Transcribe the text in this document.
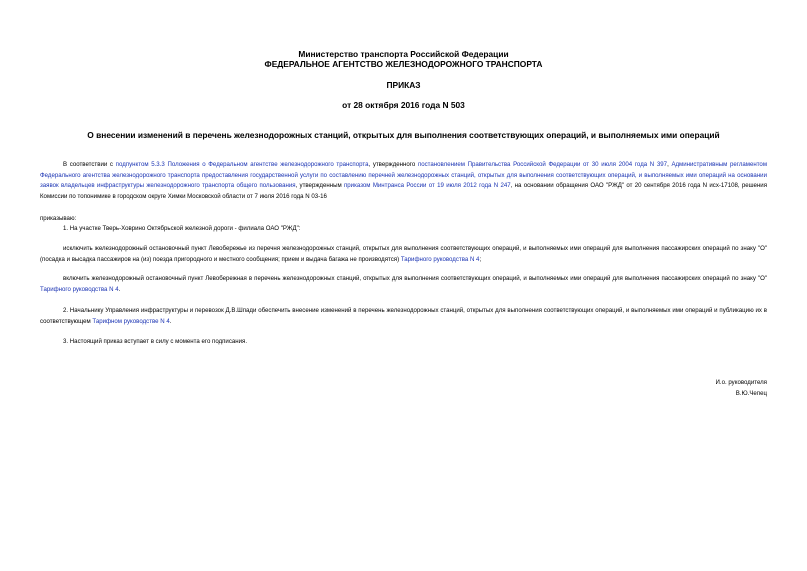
Министерство транспорта Российской Федерации
ФЕДЕРАЛЬНОЕ АГЕНТСТВО ЖЕЛЕЗНОДОРОЖНОГО ТРАНСПОРТА
ПРИКАЗ
от 28 октября 2016 года N 503
О внесении изменений в перечень железнодорожных станций, открытых для выполнения соответствующих операций, и выполняемых ими операций
В соответствии с подпунктом 5.3.3 Положения о Федеральном агентстве железнодорожного транспорта, утвержденного постановлением Правительства Российской Федерации от 30 июля 2004 года N 397, Административным регламентом Федерального агентства железнодорожного транспорта предоставления государственной услуги по составлению перечней железнодорожных станций, открытых для выполнения соответствующих операций, и выполняемых ими операций на основании заявок владельцев инфраструктуры железнодорожного транспорта общего пользования, утвержденным приказом Минтранса России от 19 июля 2012 года N 247, на основании обращения ОАО "РЖД" от 20 сентября 2016 года N исх-17108, решения Комиссии по топонимике в городском округе Химки Московской области от 7 июля 2016 года N 03-16
приказываю:
1. На участке Тверь-Ховрино Октябрьской железной дороги - филиала ОАО "РЖД":
исключить железнодорожный остановочный пункт Левобережье из перечня железнодорожных станций, открытых для выполнения соответствующих операций, и выполняемых ими операций для выполнения пассажирских операций по знаку "О" (посадка и высадка пассажиров на (из) поезда пригородного и местного сообщения; прием и выдача багажа не производятся) Тарифного руководства N 4;
включить железнодорожный остановочный пункт Левобережная в перечень железнодорожных станций, открытых для выполнения соответствующих операций, и выполняемых ими операций для выполнения пассажирских операций по знаку "О" Тарифного руководства N 4.
2. Начальнику Управления инфраструктуры и перевозок Д.В.Шпади обеспечить внесение изменений в перечень железнодорожных станций, открытых для выполнения соответствующих операций, и выполняемых ими операций и публикацию их в соответствующем Тарифном руководстве N 4.
3. Настоящий приказ вступает в силу с момента его подписания.
И.о. руководителя
В.Ю.Чепец
